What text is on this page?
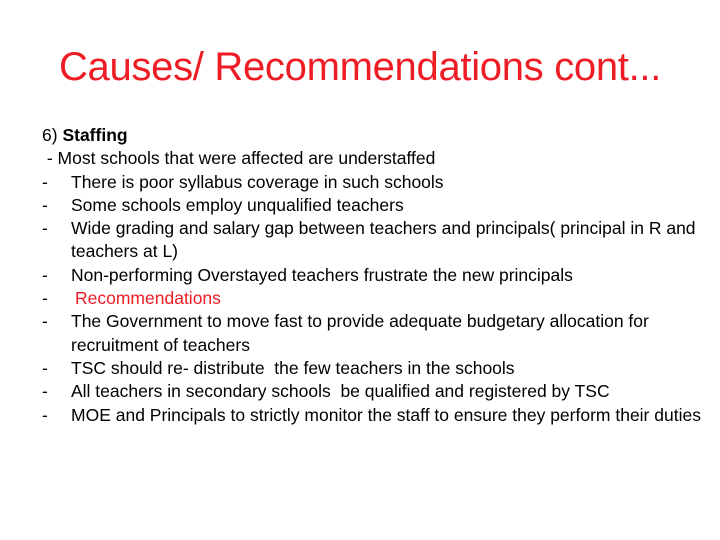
Causes/ Recommendations cont...

6) Staffing

- Most schools that were affected are understaffed

-	There is poor syllabus coverage in such schools
-	Some schools employ unqualified teachers
-	Wide grading and salary gap between teachers and principals( principal in R and teachers at L)
-	Non-performing Overstayed teachers frustrate the new principals
-	Recommendations
-	The Government to move fast to provide adequate budgetary allocation for recruitment of teachers
-	TSC should re- distribute  the few teachers in the schools
-	All teachers in secondary schools  be qualified and registered by TSC
-	MOE and Principals to strictly monitor the staff to ensure they perform their duties
